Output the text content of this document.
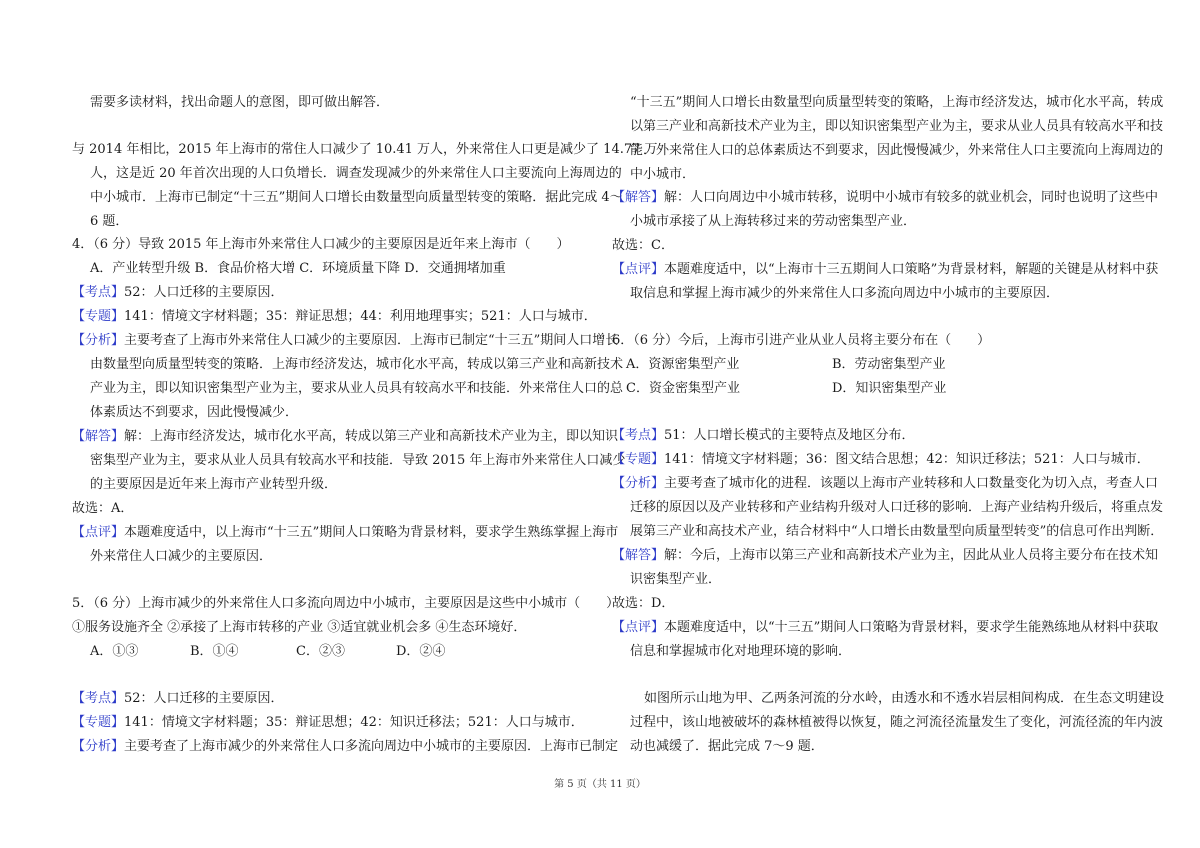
需要多读材料，找出命题人的意图，即可做出解答．
与 2014 年相比，2015 年上海市的常住人口减少了 10.41 万人，外来常住人口更是减少了 14.77 万
人，这是近 20 年首次出现的人口负增长．调查发现减少的外来常住人口主要流向上海周边的
中小城市．上海市已制定“十三五”期间人口增长由数量型向质量型转变的策略．据此完成 4～
6 题．
4．（6 分）导致 2015 年上海市外来常住人口减少的主要原因是近年来上海市（　　）
A．产业转型升级 B．食品价格大增 C．环境质量下降 D．交通拥堵加重
【考点】52：人口迁移的主要原因．
【专题】141：情境文字材料题；35：辩证思想；44：利用地理事实；521：人口与城市．
【分析】主要考查了上海市外来常住人口减少的主要原因．上海市已制定“十三五”期间人口增长
由数量型向质量型转变的策略．上海市经济发达，城市化水平高，转成以第三产业和高新技术
产业为主，即以知识密集型产业为主，要求从业人员具有较高水平和技能．外来常住人口的总
体素质达不到要求，因此慢慢减少．
【解答】解：上海市经济发达，城市化水平高，转成以第三产业和高新技术产业为主，即以知识
密集型产业为主，要求从业人员具有较高水平和技能．导致 2015 年上海市外来常住人口减少
的主要原因是近年来上海市产业转型升级．
故选：A．
【点评】本题难度适中，以上海市“十三五”期间人口策略为背景材料，要求学生熟练掌握上海市
外来常住人口减少的主要原因．
5．（6 分）上海市减少的外来常住人口多流向周边中小城市，主要原因是这些中小城市（　　）
①服务设施齐全 ②承接了上海市转移的产业 ③适宜就业机会多 ④生态环境好．
A．①③	B．①④	C．②③	D．②④
【考点】52：人口迁移的主要原因．
【专题】141：情境文字材料题；35：辩证思想；42：知识迁移法；521：人口与城市．
【分析】主要考查了上海市减少的外来常住人口多流向周边中小城市的主要原因．上海市已制定
“十三五”期间人口增长由数量型向质量型转变的策略，上海市经济发达，城市化水平高，转成
以第三产业和高新技术产业为主，即以知识密集型产业为主，要求从业人员具有较高水平和技
能．外来常住人口的总体素质达不到要求，因此慢慢减少，外来常住人口主要流向上海周边的
中小城市．
【解答】解：人口向周边中小城市转移，说明中小城市有较多的就业机会，同时也说明了这些中
小城市承接了从上海转移过来的劳动密集型产业．
故选：C．
【点评】本题难度适中，以“上海市十三五期间人口策略”为背景材料，解题的关键是从材料中获
取信息和掌握上海市减少的外来常住人口多流向周边中小城市的主要原因．
6．（6 分）今后，上海市引进产业从业人员将主要分布在（　　）
A．资源密集型产业	B．劳动密集型产业
C．资金密集型产业	D．知识密集型产业
【考点】51：人口增长模式的主要特点及地区分布．
【专题】141：情境文字材料题；36：图文结合思想；42：知识迁移法；521：人口与城市．
【分析】主要考查了城市化的进程．该题以上海市产业转移和人口数量变化为切入点，考查人口
迁移的原因以及产业转移和产业结构升级对人口迁移的影响．上海产业结构升级后，将重点发
展第三产业和高技术产业，结合材料中“人口增长由数量型向质量型转变”的信息可作出判断．
【解答】解：今后，上海市以第三产业和高新技术产业为主，因此从业人员将主要分布在技术知
识密集型产业．
故选：D．
【点评】本题难度适中，以“十三五”期间人口策略为背景材料，要求学生能熟练地从材料中获取
信息和掌握城市化对地理环境的影响．
如图所示山地为甲、乙两条河流的分水岭，由透水和不透水岩层相间构成．在生态文明建设
过程中，该山地被破坏的森林植被得以恢复，随之河流径流量发生了变化，河流径流的年内波
动也减缓了．据此完成 7～9 题．
第 5 页（共 11 页）
